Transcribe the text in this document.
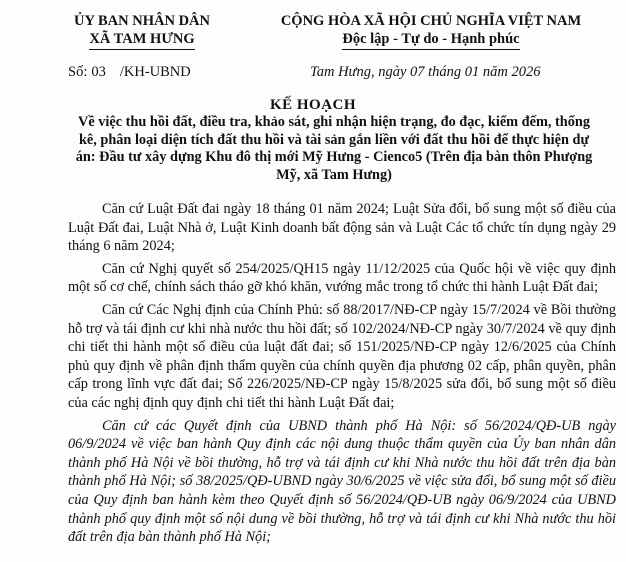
ỦY BAN NHÂN DÂN
XÃ TAM HƯNG
CỘNG HÒA XÃ HỘI CHỦ NGHĨA VIỆT NAM
Độc lập - Tự do - Hạnh phúc
Số: 03 /KH-UBND	Tam Hưng, ngày 07 tháng 01 năm 2026
KẾ HOẠCH
Về việc thu hồi đất, điều tra, khảo sát, ghi nhận hiện trạng, đo đạc, kiểm đếm, thống kê, phân loại diện tích đất thu hồi và tài sản gắn liền với đất thu hồi để thực hiện dự án: Đầu tư xây dựng Khu đô thị mới Mỹ Hưng - Cienco5 (Trên địa bàn thôn Phượng Mỹ, xã Tam Hưng)

Căn cứ Luật Đất đai ngày 18 tháng 01 năm 2024; Luật Sửa đổi, bổ sung một số điều của Luật Đất đai, Luật Nhà ở, Luật Kinh doanh bất động sản và Luật Các tổ chức tín dụng ngày 29 tháng 6 năm 2024;

Căn cứ Nghị quyết số 254/2025/QH15 ngày 11/12/2025 của Quốc hội về việc quy định một số cơ chế, chính sách tháo gỡ khó khăn, vướng mắc trong tổ chức thi hành Luật Đất đai;

Căn cứ Các Nghị định của Chính Phủ: số 88/2017/NĐ-CP ngày 15/7/2024 về Bồi thường hỗ trợ và tái định cư khi nhà nước thu hồi đất; số 102/2024/NĐ-CP ngày 30/7/2024 về quy định chi tiết thi hành một số điều của luật đất đai; số 151/2025/NĐ-CP ngày 12/6/2025 của Chính phủ quy định về phân định thẩm quyền của chính quyền địa phương 02 cấp, phân quyền, phân cấp trong lĩnh vực đất đai; Số 226/2025/NĐ-CP ngày 15/8/2025 sửa đổi, bổ sung một số điều của các nghị định quy định chi tiết thi hành Luật Đất đai;

Căn cứ các Quyết định của UBND thành phố Hà Nội: số 56/2024/QĐ-UB ngày 06/9/2024 về việc ban hành Quy định các nội dung thuộc thẩm quyền của Ủy ban nhân dân thành phố Hà Nội về bồi thường, hỗ trợ và tái định cư khi Nhà nước thu hồi đất trên địa bàn thành phố Hà Nội; số 38/2025/QĐ-UBND ngày 30/6/2025 về việc sửa đổi, bổ sung một số điều của Quy định ban hành kèm theo Quyết định số 56/2024/QĐ-UB ngày 06/9/2024 của UBND thành phố quy định một số nội dung về bồi thường, hỗ trợ và tái định cư khi Nhà nước thu hồi đất trên địa bàn thành phố Hà Nội;
